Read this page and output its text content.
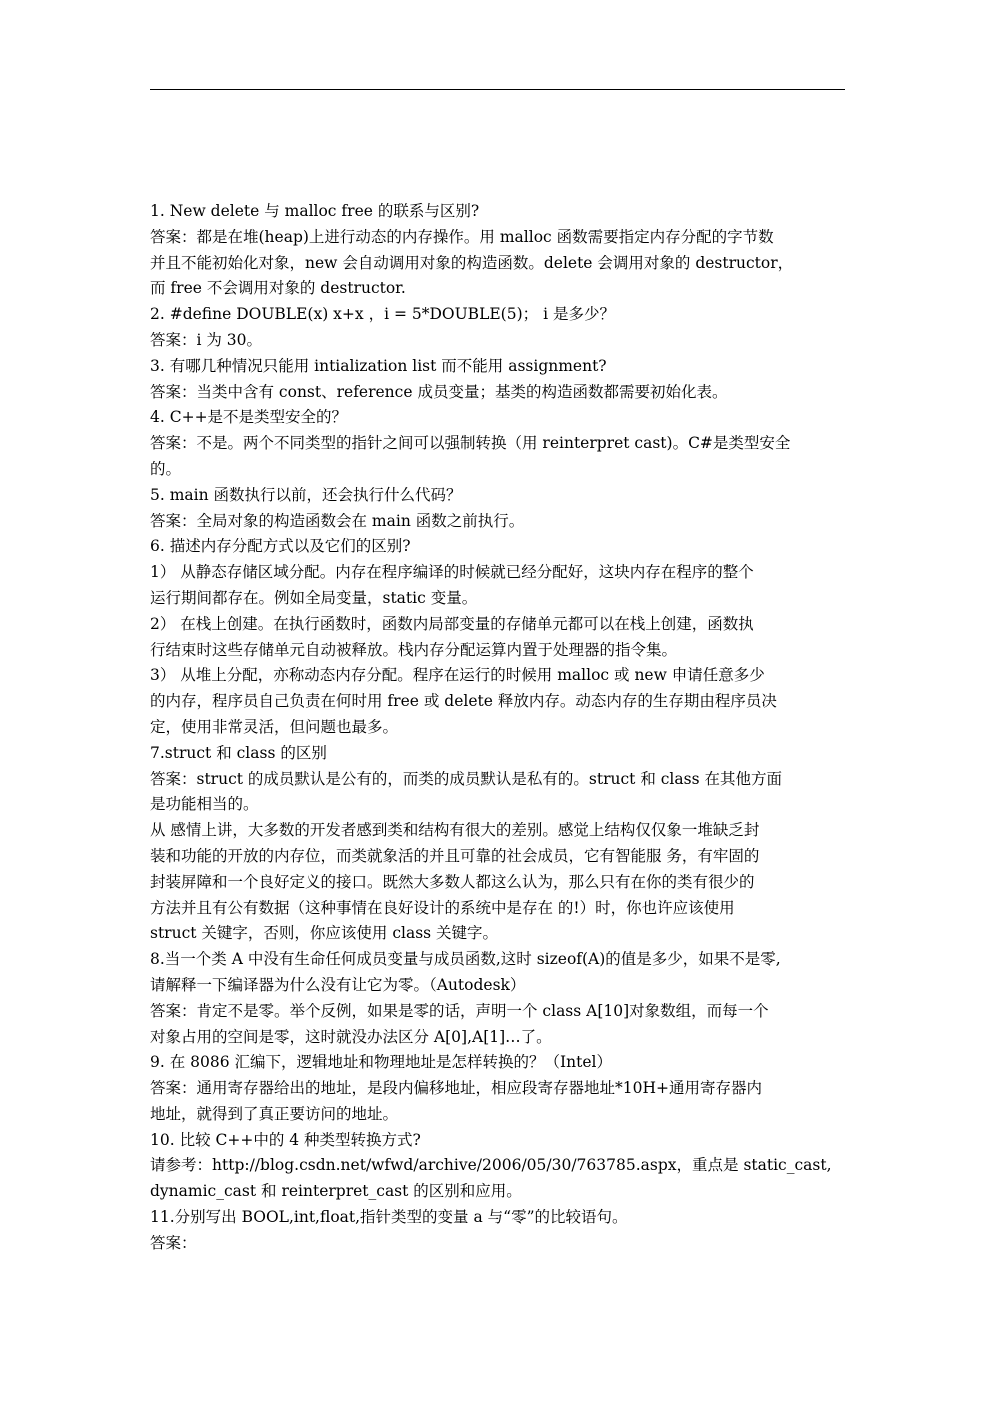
1. New delete 与 malloc free 的联系与区别?
答案：都是在堆(heap)上进行动态的内存操作。用 malloc 函数需要指定内存分配的字节数
并且不能初始化对象，new 会自动调用对象的构造函数。delete 会调用对象的 destructor，
而 free 不会调用对象的 destructor.
2. #define DOUBLE(x) x+x ，i = 5*DOUBLE(5)； i 是多少？
答案：i 为 30。
3. 有哪几种情况只能用 intialization list 而不能用 assignment?
答案：当类中含有 const、reference 成员变量；基类的构造函数都需要初始化表。
4. C++是不是类型安全的？
答案：不是。两个不同类型的指针之间可以强制转换（用 reinterpret cast)。C#是类型安全
的。
5. main 函数执行以前，还会执行什么代码？
答案：全局对象的构造函数会在 main 函数之前执行。
6. 描述内存分配方式以及它们的区别?
1） 从静态存储区域分配。内存在程序编译的时候就已经分配好，这块内存在程序的整个
运行期间都存在。例如全局变量，static 变量。
2） 在栈上创建。在执行函数时，函数内局部变量的存储单元都可以在栈上创建，函数执
行结束时这些存储单元自动被释放。栈内存分配运算内置于处理器的指令集。
3） 从堆上分配，亦称动态内存分配。程序在运行的时候用 malloc 或 new 申请任意多少
的内存，程序员自己负责在何时用 free 或 delete 释放内存。动态内存的生存期由程序员决
定，使用非常灵活，但问题也最多。
7.struct 和 class 的区别
答案：struct 的成员默认是公有的，而类的成员默认是私有的。struct 和 class 在其他方面
是功能相当的。
从 感情上讲，大多数的开发者感到类和结构有很大的差别。感觉上结构仅仅象一堆缺乏封
装和功能的开放的内存位，而类就象活的并且可靠的社会成员，它有智能服 务，有牢固的
封装屏障和一个良好定义的接口。既然大多数人都这么认为，那么只有在你的类有很少的
方法并且有公有数据（这种事情在良好设计的系统中是存在 的!）时，你也许应该使用
struct 关键字，否则，你应该使用 class 关键字。
8.当一个类 A 中没有生命任何成员变量与成员函数,这时 sizeof(A)的值是多少，如果不是零,
请解释一下编译器为什么没有让它为零。（Autodesk）
答案：肯定不是零。举个反例，如果是零的话，声明一个 class A[10]对象数组，而每一个
对象占用的空间是零，这时就没办法区分 A[0],A[1]…了。
9. 在 8086 汇编下，逻辑地址和物理地址是怎样转换的？（Intel）
答案：通用寄存器给出的地址，是段内偏移地址，相应段寄存器地址*10H+通用寄存器内
地址，就得到了真正要访问的地址。
10. 比较 C++中的 4 种类型转换方式?
请参考：http://blog.csdn.net/wfwd/archive/2006/05/30/763785.aspx，重点是 static_cast,
dynamic_cast 和 reinterpret_cast 的区别和应用。
11.分别写出 BOOL,int,float,指针类型的变量 a 与“零”的比较语句。
答案：
